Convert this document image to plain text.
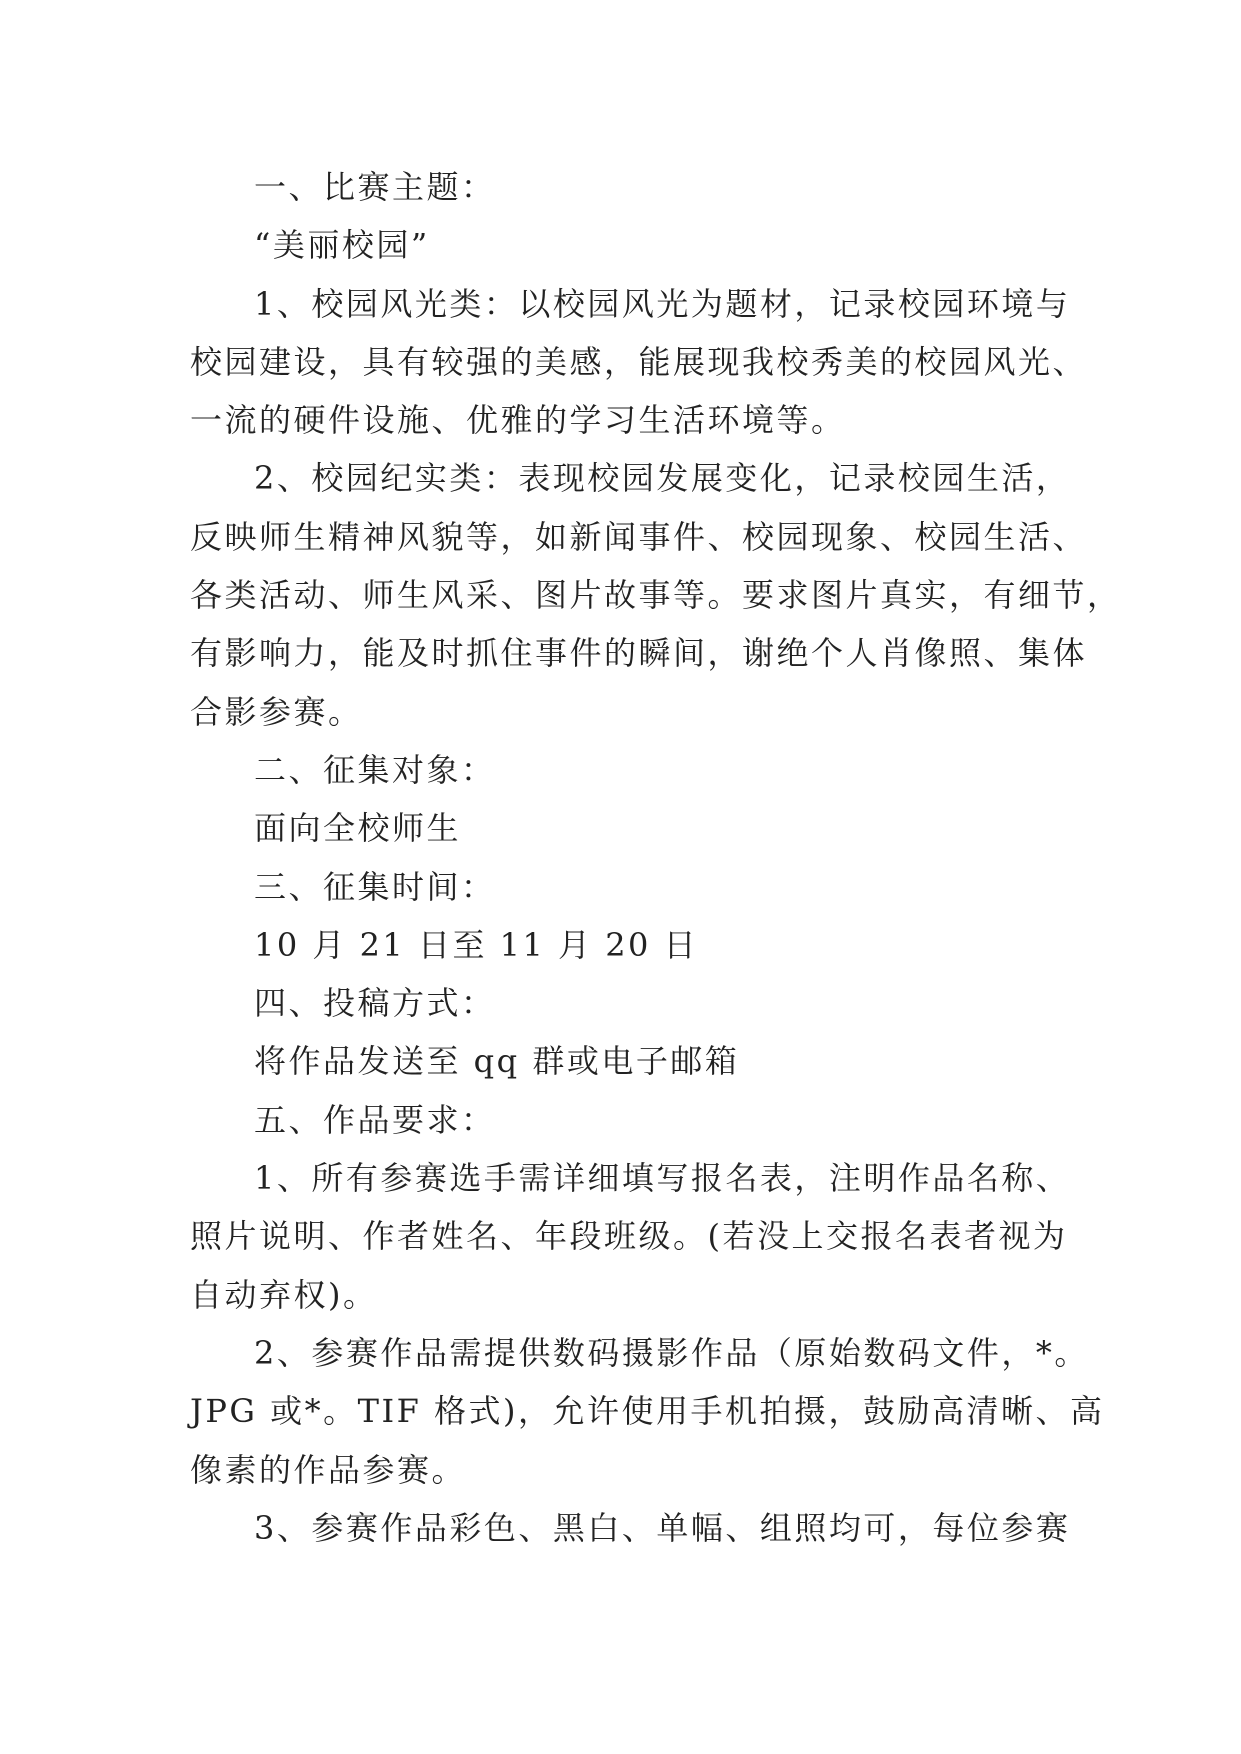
一、比赛主题：
“美丽校园”
1、校园风光类：以校园风光为题材，记录校园环境与
校园建设，具有较强的美感，能展现我校秀美的校园风光、
一流的硬件设施、优雅的学习生活环境等。
2、校园纪实类：表现校园发展变化，记录校园生活，
反映师生精神风貌等，如新闻事件、校园现象、校园生活、
各类活动、师生风采、图片故事等。要求图片真实，有细节，
有影响力，能及时抓住事件的瞬间，谢绝个人肖像照、集体
合影参赛。
二、征集对象：
面向全校师生
三、征集时间：
10 月 21 日至 11 月 20 日
四、投稿方式：
将作品发送至 qq 群或电子邮箱
五、作品要求：
1、所有参赛选手需详细填写报名表，注明作品名称、
照片说明、作者姓名、年段班级。(若没上交报名表者视为
自动弃权)。
2、参赛作品需提供数码摄影作品（原始数码文件，*。
JPG 或*。TIF 格式)，允许使用手机拍摄，鼓励高清晰、高
像素的作品参赛。
3、参赛作品彩色、黑白、单幅、组照均可，每位参赛
